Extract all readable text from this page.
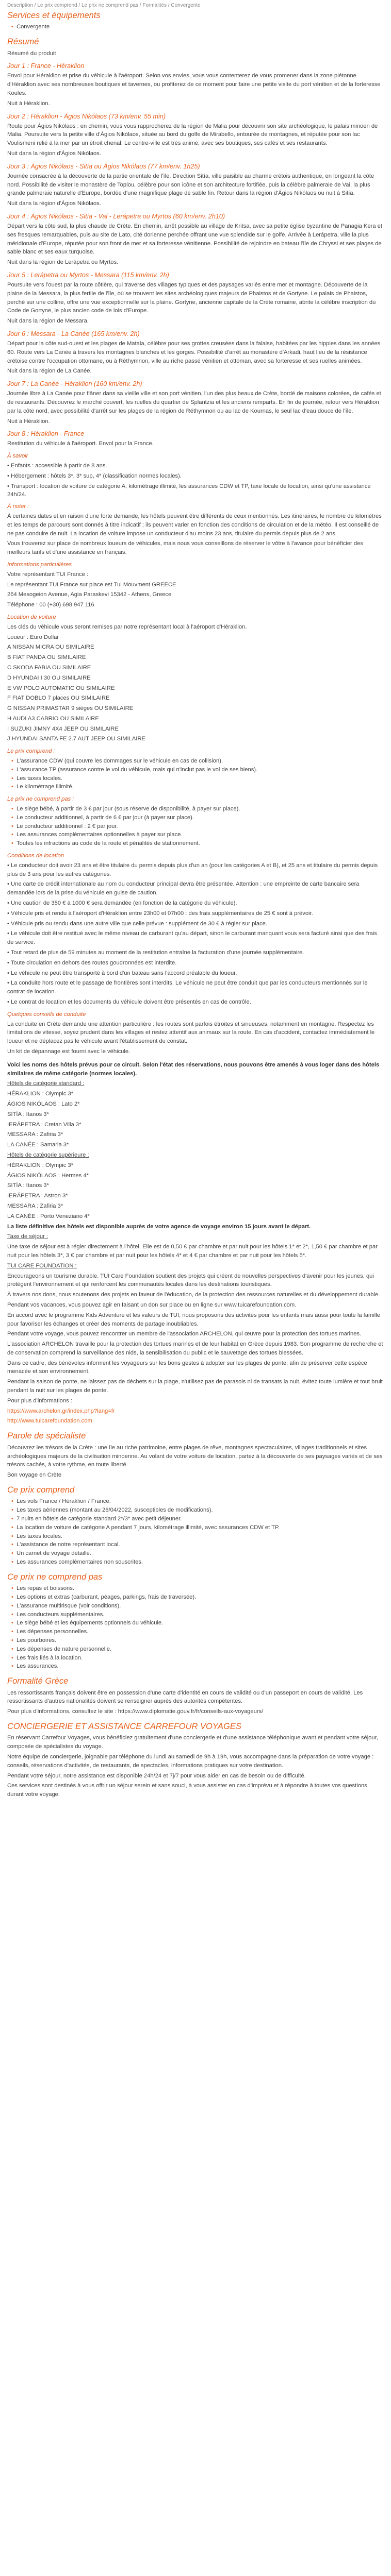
Description / Le prix comprend / Le prix ne comprend pas / Formalités / Convergente

Services et équipements
• Convergente
Résumé

Résumé du produit

Jour 1 : France - Héraklion

Envol pour Héraklion et prise du véhicule à l'aéroport. Selon vos envies, vous vous contenterez de vous promener dans la zone piétonne d'Héraklion avec ses nombreuses boutiques et tavernes, ou profiterez de ce moment pour faire une petite visite du port vénitien et de la forteresse Koules.

Nuit à Héraklion.

Jour 2 : Héraklion - Ágios Nikólaos (73 km/env. 55 min)

Route pour Ágios Nikólaos : en chemin, vous vous rapprocherez de la région de Malia pour découvrir son site archéologique, le palais minoen de Malia. Poursuite vers la petite ville d'Ágios Nikólaos, située au bord du golfe de Mirabello, entourée de montagnes, et réputée pour son lac Voulismeni relié à la mer par un étroit chenal. Le centre-ville est très animé, avec ses boutiques, ses cafés et ses restaurants.

Nuit dans la région d'Ágios Nikólaos.

Jour 3 : Ágios Nikólaos - Sitía ou Ágios Nikólaos (77 km/env. 1h25)

Journée consacrée à la découverte de la partie orientale de l'île. Direction Sitía, ville paisible au charme crétois authentique, en longeant la côte nord. Possibilité de visiter le monastère de Toplou, célèbre pour son icône et son architecture fortifiée, puis la célèbre palmeraie de Vai, la plus grande palmeraie naturelle d'Europe, bordée d'une magnifique plage de sable fin. Retour dans la région d'Ágios Nikólaos ou nuit à Sitía.

Nuit dans la région d'Ágios Nikólaos.

Jour 4 : Ágios Nikólaos - Sitía - Val - Lerápetra ou Myrtos (60 km/env. 2h10)

Départ vers la côte sud, la plus chaude de Crète. En chemin, arrêt possible au village de Kritsa, avec sa petite église byzantine de Panagia Kera et ses fresques remarquables, puis au site de Lato, cité dorienne perchée offrant une vue splendide sur le golfe. Arrivée à Lerápetra, ville la plus méridionale d'Europe, réputée pour son front de mer et sa forteresse vénitienne. Possibilité de rejoindre en bateau l'île de Chryssi et ses plages de sable blanc et ses eaux turquoise.

Nuit dans la région de Lerápetra ou Myrtos.

Jour 5 : Lerápetra ou Myrtos - Messara (115 km/env. 2h)

Poursuite vers l'ouest par la route côtière, qui traverse des villages typiques et des paysages variés entre mer et montagne. Découverte de la plaine de la Messara, la plus fertile de l'île, où se trouvent les sites archéologiques majeurs de Phaistos et de Gortyne. Le palais de Phaistos, perché sur une colline, offre une vue exceptionnelle sur la plaine. Gortyne, ancienne capitale de la Crète romaine, abrite la célèbre inscription du Code de Gortyne, le plus ancien code de lois d'Europe.

Nuit dans la région de Messara.

Jour 6 : Messara - La Canée (165 km/env. 2h)

Départ pour la côte sud-ouest et les plages de Matala, célèbre pour ses grottes creusées dans la falaise, habitées par les hippies dans les années 60. Route vers La Canée à travers les montagnes blanches et les gorges. Possibilité d'arrêt au monastère d'Arkadi, haut lieu de la résistance crétoise contre l'occupation ottomane, ou à Réthymnon, ville au riche passé vénitien et ottoman, avec sa forteresse et ses ruelles animées.

Nuit dans la région de La Canée.

Jour 7 : La Canée - Héraklion (160 km/env. 2h)

Journée libre à La Canée pour flâner dans sa vieille ville et son port vénitien, l'un des plus beaux de Crète, bordé de maisons colorées, de cafés et de restaurants. Découvrez le marché couvert, les ruelles du quartier de Splantzia et les anciens remparts. En fin de journée, retour vers Héraklion par la côte nord, avec possibilité d'arrêt sur les plages de la région de Réthymnon ou au lac de Kournas, le seul lac d'eau douce de l'île.

Nuit à Héraklion.

Jour 8 : Héraklion - France

Restitution du véhicule à l'aéroport. Envol pour la France.

À savoir

• Enfants : accessible à partir de 8 ans.

• Hébergement : hôtels 3*, 3* sup, 4* (classification normes locales).

• Transport : location de voiture de catégorie A, kilométrage illimité, les assurances CDW et TP, taxe locale de location, ainsi qu'une assistance 24h/24.

À noter :

À certaines dates et en raison d'une forte demande, les hôtels peuvent être différents de ceux mentionnés. Les itinéraires, le nombre de kilomètres et les temps de parcours sont donnés à titre indicatif ; ils peuvent varier en fonction des conditions de circulation et de la météo. Il est conseillé de ne pas conduire de nuit. La location de voiture impose un conducteur d'au moins 23 ans, titulaire du permis depuis plus de 2 ans.

Vous trouverez sur place de nombreux loueurs de véhicules, mais nous vous conseillons de réserver le vôtre à l'avance pour bénéficier des meilleurs tarifs et d'une assistance en français.

Informations particulières

Votre représentant TUI France :

Le représentant TUI France sur place est Tui Mouvment GREECE

264 Mesogeion Avenue, Agia Paraskevi 15342 - Athens, Greece

Téléphone : 00 (+30) 698 947 116

Location de voiture

Les clés du véhicule vous seront remises par notre représentant local à l'aéroport d'Héraklion.

Loueur : Euro Dollar

A NISSAN MICRA OU SIMILAIRE

B FIAT PANDA OU SIMILAIRE

C SKODA FABIA OU SIMILAIRE

D HYUNDAI I 30 OU SIMILAIRE

E VW POLO AUTOMATIC OU SIMILAIRE

F FIAT DOBLO 7 places OU SIMILAIRE

G NISSAN PRIMASTAR 9 sièges OU SIMILAIRE

H AUDI A3 CABRIO OU SIMILAIRE

I SUZUKI JIMNY 4X4 JEEP OU SIMILAIRE

J HYUNDAI SANTA FE 2.7 AUT JEEP OU SIMILAIRE

Le prix comprend :
• L'assurance CDW (qui couvre les dommages sur le véhicule en cas de collision).
• L'assurance TP (assurance contre le vol du véhicule, mais qui n'inclut pas le vol de ses biens).
• Les taxes locales.
• Le kilométrage illimité.
Le prix ne comprend pas :
• Le siège bébé, à partir de 3 € par jour (sous réserve de disponibilité, à payer sur place).
• Le conducteur additionnel, à partir de 6 € par jour (à payer sur place).
• Le conducteur additionnel : 2 € par jour.
• Les assurances complémentaires optionnelles à payer sur place.
• Toutes les infractions au code de la route et pénalités de stationnement.
Conditions de location

• Le conducteur doit avoir 23 ans et être titulaire du permis depuis plus d'un an (pour les catégories A et B), et 25 ans et titulaire du permis depuis plus de 3 ans pour les autres catégories.

• Une carte de crédit internationale au nom du conducteur principal devra être présentée. Attention : une empreinte de carte bancaire sera demandée lors de la prise du véhicule en guise de caution.

• Une caution de 350 € à 1000 € sera demandée (en fonction de la catégorie du véhicule).

• Véhicule pris et rendu à l'aéroport d'Héraklion entre 23h00 et 07h00 : des frais supplémentaires de 25 € sont à prévoir.

• Véhicule pris ou rendu dans une autre ville que celle prévue : supplément de 30 € à régler sur place.

• Le véhicule doit être restitué avec le même niveau de carburant qu'au départ, sinon le carburant manquant vous sera facturé ainsi que des frais de service.

• Tout retard de plus de 59 minutes au moment de la restitution entraîne la facturation d'une journée supplémentaire.

• Toute circulation en dehors des routes goudronnées est interdite.

• Le véhicule ne peut être transporté à bord d'un bateau sans l'accord préalable du loueur.

• La conduite hors route et le passage de frontières sont interdits. Le véhicule ne peut être conduit que par les conducteurs mentionnés sur le contrat de location.

• Le contrat de location et les documents du véhicule doivent être présentés en cas de contrôle.

Quelques conseils de conduite

La conduite en Crète demande une attention particulière : les routes sont parfois étroites et sinueuses, notamment en montagne. Respectez les limitations de vitesse, soyez prudent dans les villages et restez attentif aux animaux sur la route. En cas d'accident, contactez immédiatement le loueur et ne déplacez pas le véhicule avant l'établissement du constat.

Un kit de dépannage est fourni avec le véhicule.

Voici les noms des hôtels prévus pour ce circuit. Selon l'état des réservations, nous pouvons être amenés à vous loger dans des hôtels similaires de même catégorie (normes locales).

Hôtels de catégorie standard :

HÉRAKLION : Olympic 3*

ÁGIOS NIKÓLAOS : Lato 2*

SITÍA : Itanos 3*

IERÁPETRA : Cretan Villa 3*

MESSARA : Zafiria 3*

LA CANÉE : Samaria 3*

Hôtels de catégorie supérieure :

HÉRAKLION : Olympic 3*

ÁGIOS NIKÓLAOS : Hermes 4*

SITÍA : Itanos 3*

IERÁPETRA : Astron 3*

MESSARA : Zafiria 3*

LA CANÉE : Porto Veneziano 4*

La liste définitive des hôtels est disponible auprès de votre agence de voyage environ 15 jours avant le départ.

Taxe de séjour :

Une taxe de séjour est à régler directement à l'hôtel. Elle est de 0,50 € par chambre et par nuit pour les hôtels 1* et 2*, 1,50 € par chambre et par nuit pour les hôtels 3*, 3 € par chambre et par nuit pour les hôtels 4* et 4 € par chambre et par nuit pour les hôtels 5*.

TUI CARE FOUNDATION :

Encourageons un tourisme durable. TUI Care Foundation soutient des projets qui créent de nouvelles perspectives d'avenir pour les jeunes, qui protègent l'environnement et qui renforcent les communautés locales dans les destinations touristiques.

À travers nos dons, nous soutenons des projets en faveur de l'éducation, de la protection des ressources naturelles et du développement durable.

Pendant vos vacances, vous pouvez agir en faisant un don sur place ou en ligne sur www.tuicarefoundation.com.

En accord avec le programme Kids Adventure et les valeurs de TUI, nous proposons des activités pour les enfants mais aussi pour toute la famille pour favoriser les échanges et créer des moments de partage inoubliables.

Pendant votre voyage, vous pouvez rencontrer un membre de l'association ARCHELON, qui œuvre pour la protection des tortues marines.

L'association ARCHELON travaille pour la protection des tortues marines et de leur habitat en Grèce depuis 1983. Son programme de recherche et de conservation comprend la surveillance des nids, la sensibilisation du public et le sauvetage des tortues blessées.

Dans ce cadre, des bénévoles informent les voyageurs sur les bons gestes à adopter sur les plages de ponte, afin de préserver cette espèce menacée et son environnement.

Pendant la saison de ponte, ne laissez pas de déchets sur la plage, n'utilisez pas de parasols ni de transats la nuit, évitez toute lumière et tout bruit pendant la nuit sur les plages de ponte.

Pour plus d'informations :

https://www.archelon.gr/index.php?lang=fr

http://www.tuicarefoundation.com

Parole de spécialiste

Découvrez les trésors de la Crète : une île au riche patrimoine, entre plages de rêve, montagnes spectaculaires, villages traditionnels et sites archéologiques majeurs de la civilisation minoenne. Au volant de votre voiture de location, partez à la découverte de ses paysages variés et de ses trésors cachés, à votre rythme, en toute liberté.

Bon voyage en Crète

Ce prix comprend
• Les vols France / Héraklion / France.
• Les taxes aériennes (montant au 26/04/2022, susceptibles de modifications).
• 7 nuits en hôtels de catégorie standard 2*/3* avec petit déjeuner.
• La location de voiture de catégorie A pendant 7 jours, kilométrage illimité, avec assurances CDW et TP.
• Les taxes locales.
• L'assistance de notre représentant local.
• Un carnet de voyage détaillé.
• Les assurances complémentaires non souscrites.
Ce prix ne comprend pas
• Les repas et boissons.
• Les options et extras (carburant, péages, parkings, frais de traversée).
• L'assurance multirisque (voir conditions).
• Les conducteurs supplémentaires.
• Le siège bébé et les équipements optionnels du véhicule.
• Les dépenses personnelles.
• Les pourboires.
• Les dépenses de nature personnelle.
• Les frais liés à la location.
• Les assurances.
Formalité Grèce

Les ressortissants français doivent être en possession d'une carte d'identité en cours de validité ou d'un passeport en cours de validité. Les ressortissants d'autres nationalités doivent se renseigner auprès des autorités compétentes.

Pour plus d'informations, consultez le site : https://www.diplomatie.gouv.fr/fr/conseils-aux-voyageurs/

CONCIERGERIE ET ASSISTANCE CARREFOUR VOYAGES

En réservant Carrefour Voyages, vous bénéficiez gratuitement d'une conciergerie et d'une assistance téléphonique avant et pendant votre séjour, composée de spécialistes du voyage.

Notre équipe de conciergerie, joignable par téléphone du lundi au samedi de 9h à 19h, vous accompagne dans la préparation de votre voyage : conseils, réservations d'activités, de restaurants, de spectacles, informations pratiques sur votre destination.

Pendant votre séjour, notre assistance est disponible 24h/24 et 7j/7 pour vous aider en cas de besoin ou de difficulté.

Ces services sont destinés à vous offrir un séjour serein et sans souci, à vous assister en cas d'imprévu et à répondre à toutes vos questions durant votre voyage.
